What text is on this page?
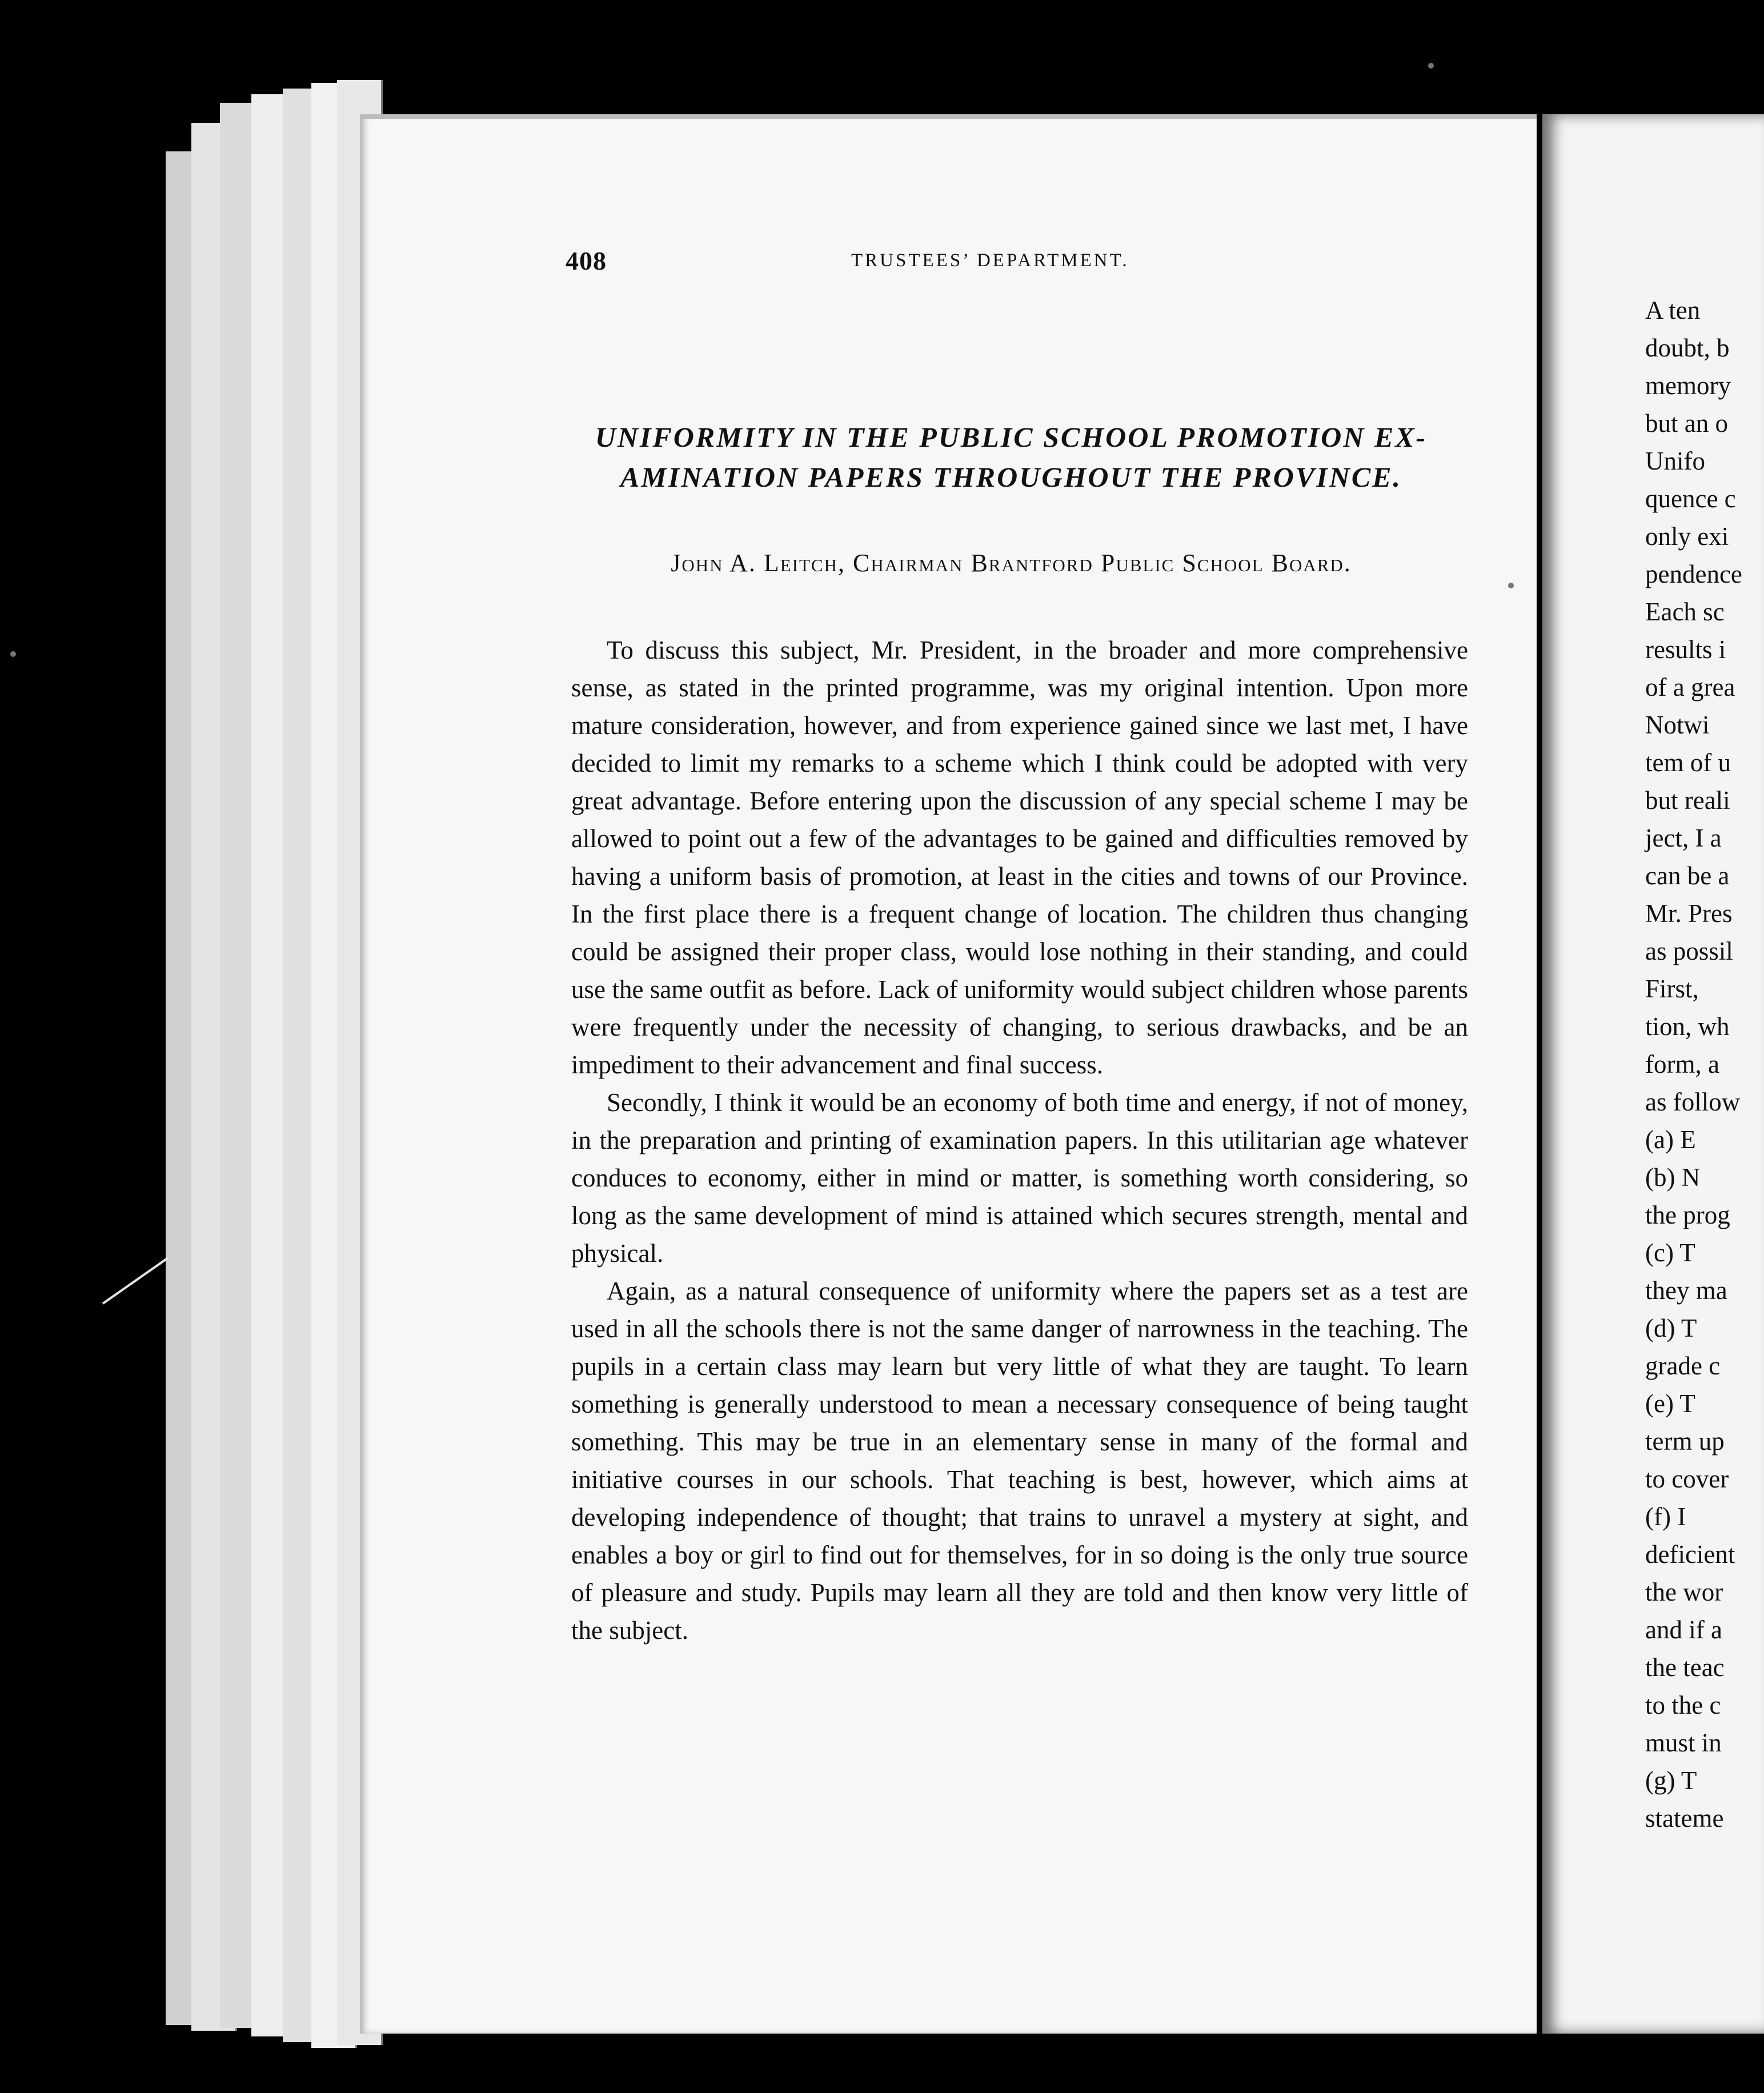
408	TRUSTEES’ DEPARTMENT.
UNIFORMITY IN THE PUBLIC SCHOOL PROMOTION EX-
AMINATION PAPERS THROUGHOUT THE PROVINCE.
John A. Leitch, Chairman Brantford Public School Board.

To discuss this subject, Mr. President, in the broader and more comprehensive sense, as stated in the printed programme, was my original intention. Upon more mature consideration, however, and from experience gained since we last met, I have decided to limit my remarks to a scheme which I think could be adopted with very great advantage. Before entering upon the discussion of any special scheme I may be allowed to point out a few of the advantages to be gained and difficulties removed by having a uniform basis of promotion, at least in the cities and towns of our Province. In the first place there is a frequent change of location. The children thus changing could be assigned their proper class, would lose nothing in their standing, and could use the same outfit as before. Lack of uniformity would subject children whose parents were frequently under the necessity of changing, to serious drawbacks, and be an impediment to their advancement and final success.

Secondly, I think it would be an economy of both time and energy, if not of money, in the preparation and printing of examination papers. In this utilitarian age whatever conduces to economy, either in mind or matter, is something worth considering, so long as the same development of mind is attained which secures strength, mental and physical.

Again, as a natural consequence of uniformity where the papers set as a test are used in all the schools there is not the same danger of narrowness in the teaching. The pupils in a certain class may learn but very little of what they are taught. To learn something is generally understood to mean a necessary consequence of being taught something. This may be true in an elementary sense in many of the formal and initiative courses in our schools. That teaching is best, however, which aims at developing independence of thought; that trains to unravel a mystery at sight, and enables a boy or girl to find out for themselves, for in so doing is the only true source of pleasure and study. Pupils may learn all they are told and then know very little of the subject.

A ten
doubt, b
memory
but an o
Unifo
quence c
only exi
pendence
Each sc
results i
of a grea
Notwi
tem of u
but reali
ject, I a
can be a
Mr. Pres
as possil
First,
tion, wh
form, a
as follow
(a) E
(b) N
the prog
(c) T
they ma
(d) T
grade c
(e) T
term up
to cover
(f) I
deficient
the wor
and if a
the teac
to the c
must in
(g) T
stateme
